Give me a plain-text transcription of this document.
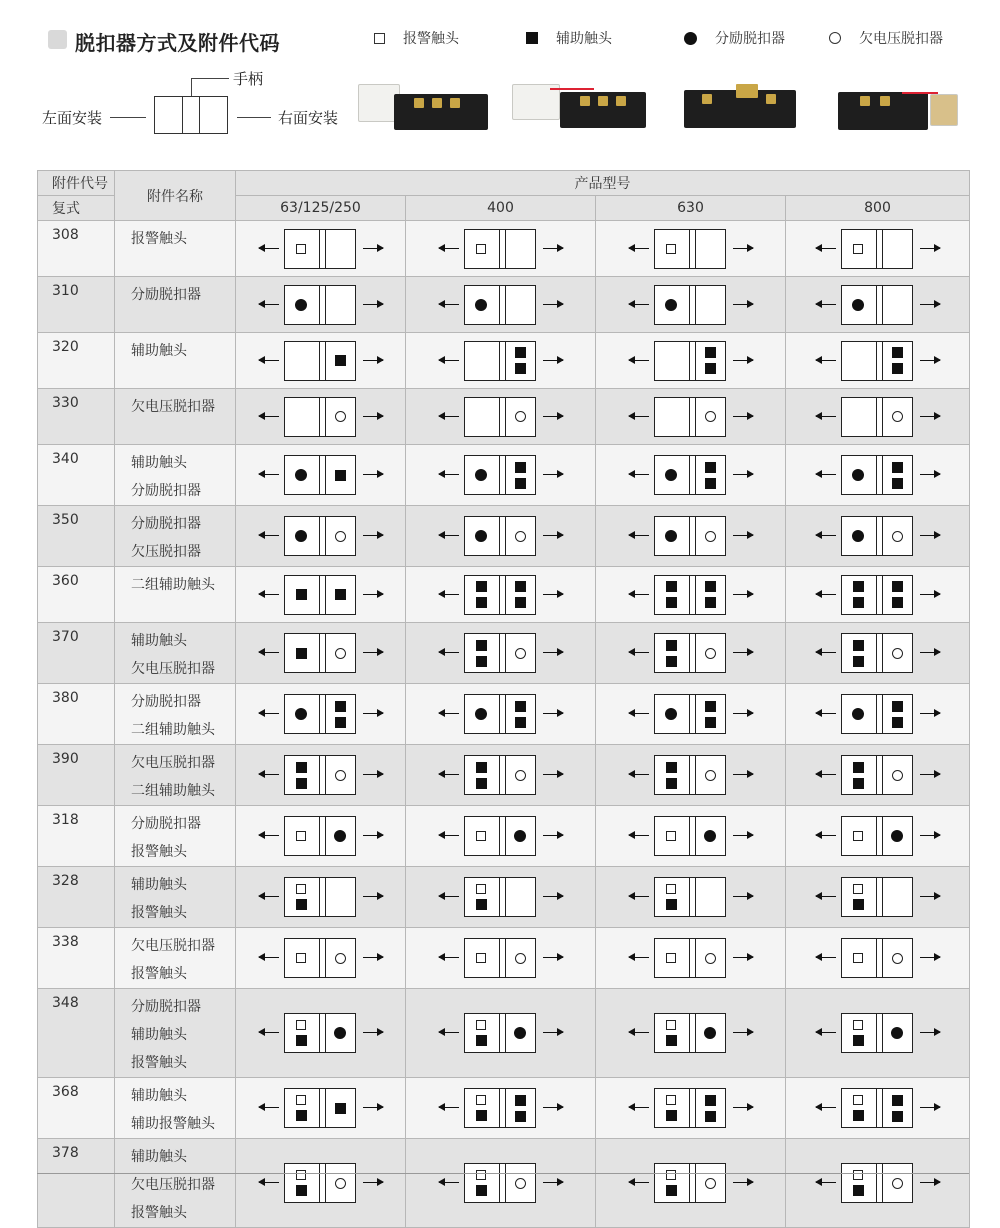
脱扣器方式及附件代码	报警触头	辅助触头	分励脱扣器	欠电压脱扣器
左面安装
手柄
右面安装
附件代号	附件名称	产品型号			
复式		63/125/250	400	630	800
308	报警触头				

310	分励脱扣器				

320	辅助触头				

330	欠电压脱扣器				

340	辅助触头
分励脱扣器				

350	分励脱扣器
欠压脱扣器				

360	二组辅助触头				

370	辅助触头
欠电压脱扣器				

380	分励脱扣器
二组辅助触头				

390	欠电压脱扣器
二组辅助触头				

318	分励脱扣器
报警触头				

328	辅助触头
报警触头				

338	欠电压脱扣器
报警触头				

348	分励脱扣器
辅助触头
报警触头				

368	辅助触头
辅助报警触头				

378	辅助触头
欠电压脱扣器
报警触头				
